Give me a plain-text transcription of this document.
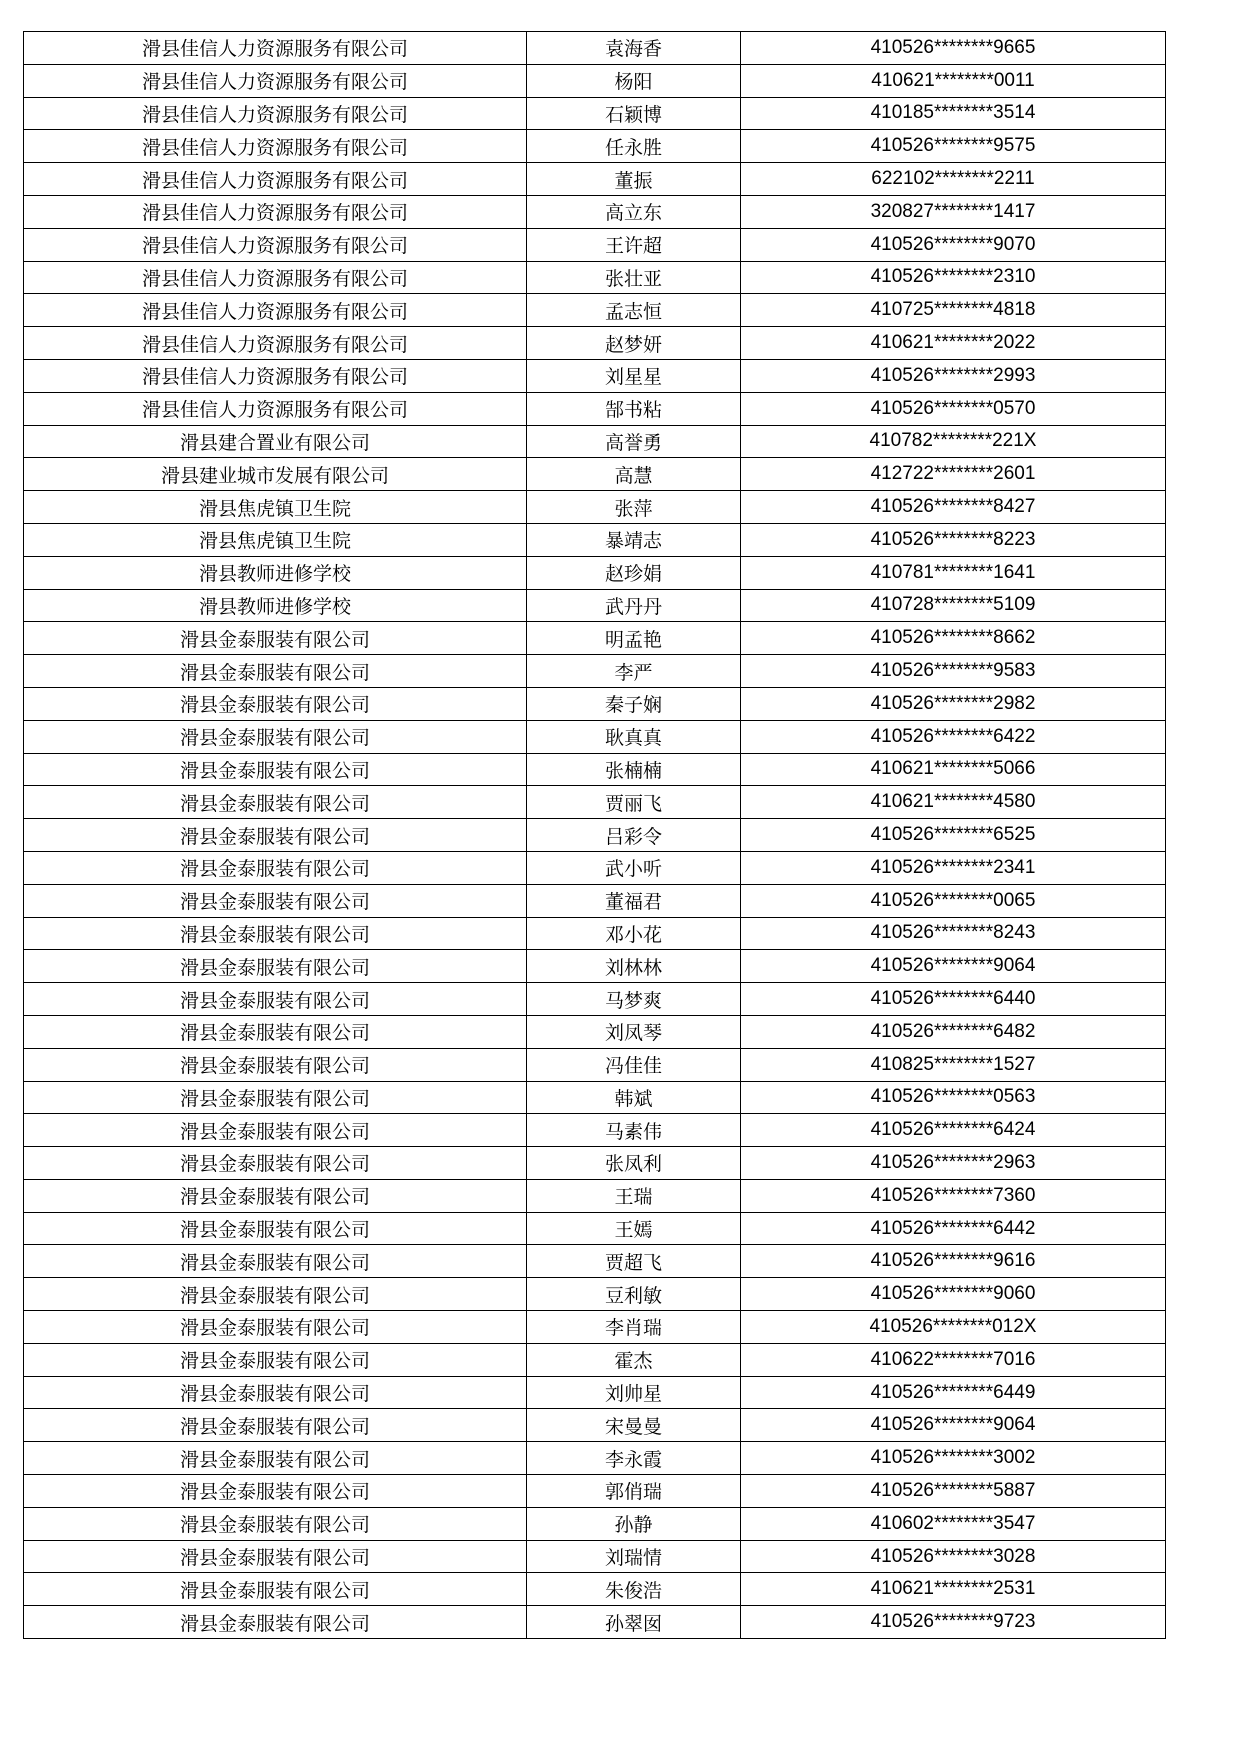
滑县佳信人力资源服务有限公司	袁海香	410526********9665
滑县佳信人力资源服务有限公司	杨阳	410621********0011
滑县佳信人力资源服务有限公司	石颖博	410185********3514
滑县佳信人力资源服务有限公司	任永胜	410526********9575
滑县佳信人力资源服务有限公司	董振	622102********2211
滑县佳信人力资源服务有限公司	高立东	320827********1417
滑县佳信人力资源服务有限公司	王许超	410526********9070
滑县佳信人力资源服务有限公司	张壮亚	410526********2310
滑县佳信人力资源服务有限公司	孟志恒	410725********4818
滑县佳信人力资源服务有限公司	赵梦妍	410621********2022
滑县佳信人力资源服务有限公司	刘星星	410526********2993
滑县佳信人力资源服务有限公司	郜书粘	410526********0570
滑县建合置业有限公司	高誉勇	410782********221X
滑县建业城市发展有限公司	高慧	412722********2601
滑县焦虎镇卫生院	张萍	410526********8427
滑县焦虎镇卫生院	暴靖志	410526********8223
滑县教师进修学校	赵珍娟	410781********1641
滑县教师进修学校	武丹丹	410728********5109
滑县金泰服装有限公司	明孟艳	410526********8662
滑县金泰服装有限公司	李严	410526********9583
滑县金泰服装有限公司	秦子娴	410526********2982
滑县金泰服装有限公司	耿真真	410526********6422
滑县金泰服装有限公司	张楠楠	410621********5066
滑县金泰服装有限公司	贾丽飞	410621********4580
滑县金泰服装有限公司	吕彩令	410526********6525
滑县金泰服装有限公司	武小听	410526********2341
滑县金泰服装有限公司	董福君	410526********0065
滑县金泰服装有限公司	邓小花	410526********8243
滑县金泰服装有限公司	刘林林	410526********9064
滑县金泰服装有限公司	马梦爽	410526********6440
滑县金泰服装有限公司	刘凤琴	410526********6482
滑县金泰服装有限公司	冯佳佳	410825********1527
滑县金泰服装有限公司	韩斌	410526********0563
滑县金泰服装有限公司	马素伟	410526********6424
滑县金泰服装有限公司	张凤利	410526********2963
滑县金泰服装有限公司	王瑞	410526********7360
滑县金泰服装有限公司	王嫣	410526********6442
滑县金泰服装有限公司	贾超飞	410526********9616
滑县金泰服装有限公司	豆利敏	410526********9060
滑县金泰服装有限公司	李肖瑞	410526********012X
滑县金泰服装有限公司	霍杰	410622********7016
滑县金泰服装有限公司	刘帅星	410526********6449
滑县金泰服装有限公司	宋曼曼	410526********9064
滑县金泰服装有限公司	李永霞	410526********3002
滑县金泰服装有限公司	郭俏瑞	410526********5887
滑县金泰服装有限公司	孙静	410602********3547
滑县金泰服装有限公司	刘瑞情	410526********3028
滑县金泰服装有限公司	朱俊浩	410621********2531
滑县金泰服装有限公司	孙翠囡	410526********9723
